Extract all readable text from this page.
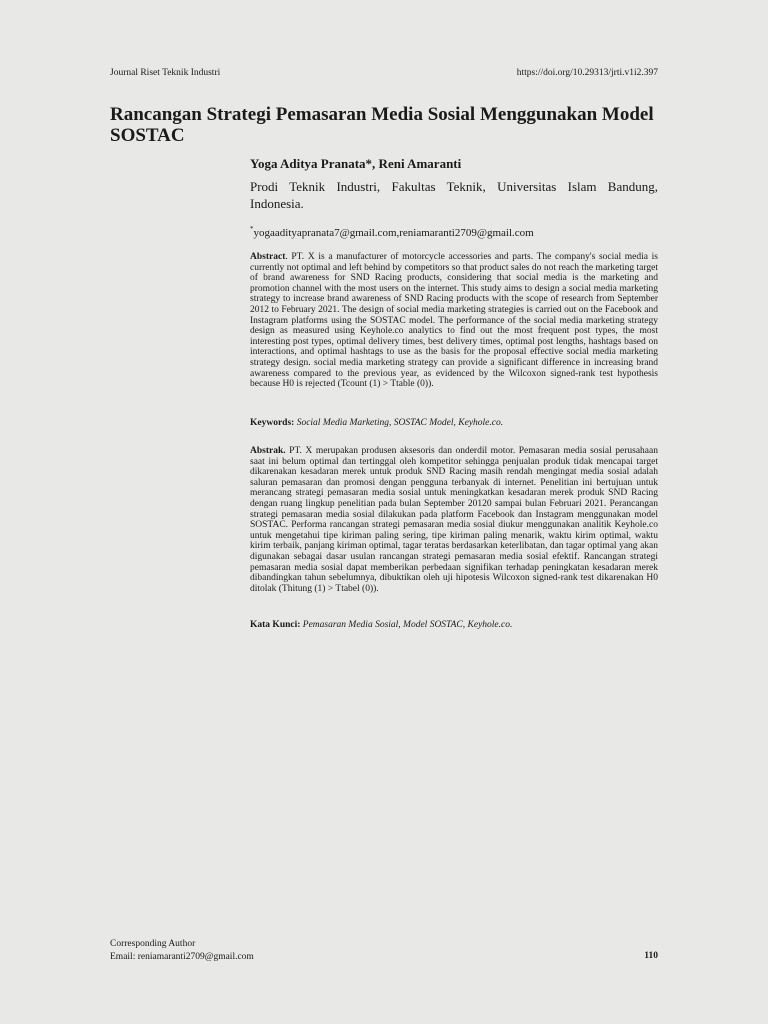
Journal Riset Teknik Industri	https://doi.org/10.29313/jrti.v1i2.397
Rancangan Strategi Pemasaran Media Sosial Menggunakan Model SOSTAC
Yoga Aditya Pranata*, Reni Amaranti
Prodi Teknik Industri, Fakultas Teknik, Universitas Islam Bandung, Indonesia.
*yogaadityapranata7@gmail.com,reniamaranti2709@gmail.com

Abstract. PT. X is a manufacturer of motorcycle accessories and parts. The company's social media is currently not optimal and left behind by competitors so that product sales do not reach the marketing target of brand awareness for SND Racing products, considering that social media is the marketing and promotion channel with the most users on the internet. This study aims to design a social media marketing strategy to increase brand awareness of SND Racing products with the scope of research from September 2012 to February 2021. The design of social media marketing strategies is carried out on the Facebook and Instagram platforms using the SOSTAC model. The performance of the social media marketing strategy design as measured using Keyhole.co analytics to find out the most frequent post types, the most interesting post types, optimal delivery times, best delivery times, optimal post lengths, hashtags based on interactions, and optimal hashtags to use as the basis for the proposal effective social media marketing strategy design. social media marketing strategy can provide a significant difference in increasing brand awareness compared to the previous year, as evidenced by the Wilcoxon signed-rank test hypothesis because H0 is rejected (Tcount (1) > Ttable (0)).

Keywords: Social Media Marketing, SOSTAC Model, Keyhole.co.

Abstrak. PT. X merupakan produsen aksesoris dan onderdil motor. Pemasaran media sosial perusahaan saat ini belum optimal dan tertinggal oleh kompetitor sehingga penjualan produk tidak mencapai target dikarenakan kesadaran merek untuk produk SND Racing masih rendah mengingat media sosial adalah saluran pemasaran dan promosi dengan pengguna terbanyak di internet. Penelitian ini bertujuan untuk merancang strategi pemasaran media sosial untuk meningkatkan kesadaran merek produk SND Racing dengan ruang lingkup penelitian pada bulan September 20120 sampai bulan Februari 2021. Perancangan strategi pemasaran media sosial dilakukan pada platform Facebook dan Instagram menggunakan model SOSTAC. Performa rancangan strategi pemasaran media sosial diukur menggunakan analitik Keyhole.co untuk mengetahui tipe kiriman paling sering, tipe kiriman paling menarik, waktu kirim optimal, waktu kirim terbaik, panjang kiriman optimal, tagar teratas berdasarkan keterlibatan, dan tagar optimal yang akan digunakan sebagai dasar usulan rancangan strategi pemasaran media sosial efektif. Rancangan strategi pemasaran media sosial dapat memberikan perbedaan signifikan terhadap peningkatan kesadaran merek dibandingkan tahun sebelumnya, dibuktikan oleh uji hipotesis Wilcoxon signed-rank test dikarenakan H0 ditolak (Thitung (1) > Ttabel (0)).

Kata Kunci: Pemasaran Media Sosial, Model SOSTAC, Keyhole.co.
Corresponding Author
Email: reniamaranti2709@gmail.com	110
